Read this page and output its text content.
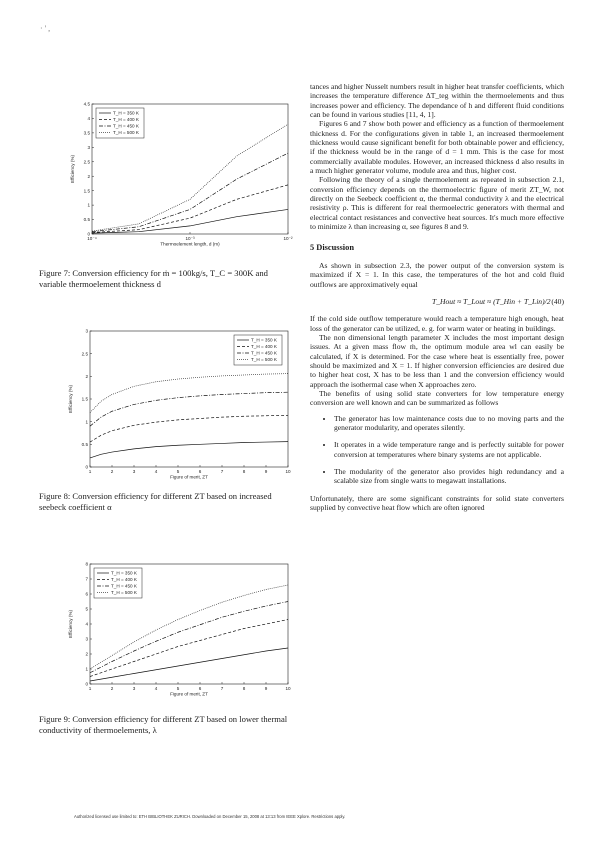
· ' ,
10⁻⁴	10⁻³	10⁻²
0
0.5
1
1.5
2
2.5
3
3.5
4
4.5
Thermoelement length, d (m)
Efficiency (%)
T_H = 350 K
T_H = 400 K
T_H = 450 K
T_H = 500 K
Figure 7: Conversion efficiency for ṁ = 100kg/s, T_C = 300K and variable thermoelement thickness d
1	2	3	4	5	6	7	8	9	10
0
0.5
1
1.5
2
2.5
3
Figure of merit, ZT
Efficiency (%)
T_H = 350 K
T_H = 400 K
T_H = 450 K
T_H = 500 K
Figure 8: Conversion efficiency for different ZT based on increased seebeck coefficient α
1	2	3	4	5	6	7	8	9	10
0
1
2
3
4
5
6
7
8
Figure of merit, ZT
Efficiency (%)
T_H = 350 K
T_H = 400 K
T_H = 450 K
T_H = 500 K
Figure 9: Conversion efficiency for different ZT based on lower thermal conductivity of thermoelements, λ

tances and higher Nusselt numbers result in higher heat transfer coefficients, which increases the temperature difference ΔT_teg within the thermoelements and thus increases power and efficiency. The dependance of h and different fluid conditions can be found in various studies [11, 4, 1].

Figures 6 and 7 show both power and efficiency as a function of thermoelement thickness d. For the configurations given in table 1, an increased thermoelement thickness would cause significant benefit for both obtainable power and efficiency, if the thickness would be in the range of d = 1 mm. This is the case for most commercially available modules. However, an increased thickness d also results in a much higher generator volume, module area and thus, higher cost.

Following the theory of a single thermoelement as repeated in subsection 2.1, conversion efficiency depends on the thermoelectric figure of merit ZT_W, not directly on the Seebeck coefficient α, the thermal conductivity λ and the electrical resistivity ρ. This is different for real thermoelectric generators with thermal and electrical contact resistances and convective heat sources. It's much more effective to minimize λ than increasing α, see figures 8 and 9.

5 Discussion

As shown in subsection 2.3, the power output of the conversion system is maximized if X = 1. In this case, the temperatures of the hot and cold fluid outflows are approximatively equal

T_Hout ≈ T_Lout ≈ (T_Hin + T_Lin)/2 (40)

If the cold side outflow temperature would reach a temperature high enough, heat loss of the generator can be utilized, e. g. for warm water or heating in buildings.

The non dimensional length parameter X includes the most important design issues. At a given mass flow ṁ, the optimum module area wl can easily be calculated, if X is determined. For the case where heat is essentially free, power should be maximized and X = 1. If higher conversion efficiencies are desired due to higher heat cost, X has to be less than 1 and the conversion efficiency would approach the isothermal case when X approaches zero.

The benefits of using solid state converters for low temperature energy conversion are well known and can be summarized as follows

• The generator has low maintenance costs due to no moving parts and the generator modularity, and operates silently.
• It operates in a wide temperature range and is perfectly suitable for power conversion at temperatures where binary systems are not applicable.
• The modularity of the generator also provides high redundancy and a scalable size from single watts to megawatt installations.

Unfortunately, there are some significant constraints for solid state converters supplied by convective heat flow which are often ignored

Authorized licensed use limited to: ETH BIBLIOTHEK ZURICH. Downloaded on December 15, 2008 at 13:13 from IEEE Xplore. Restrictions apply.
